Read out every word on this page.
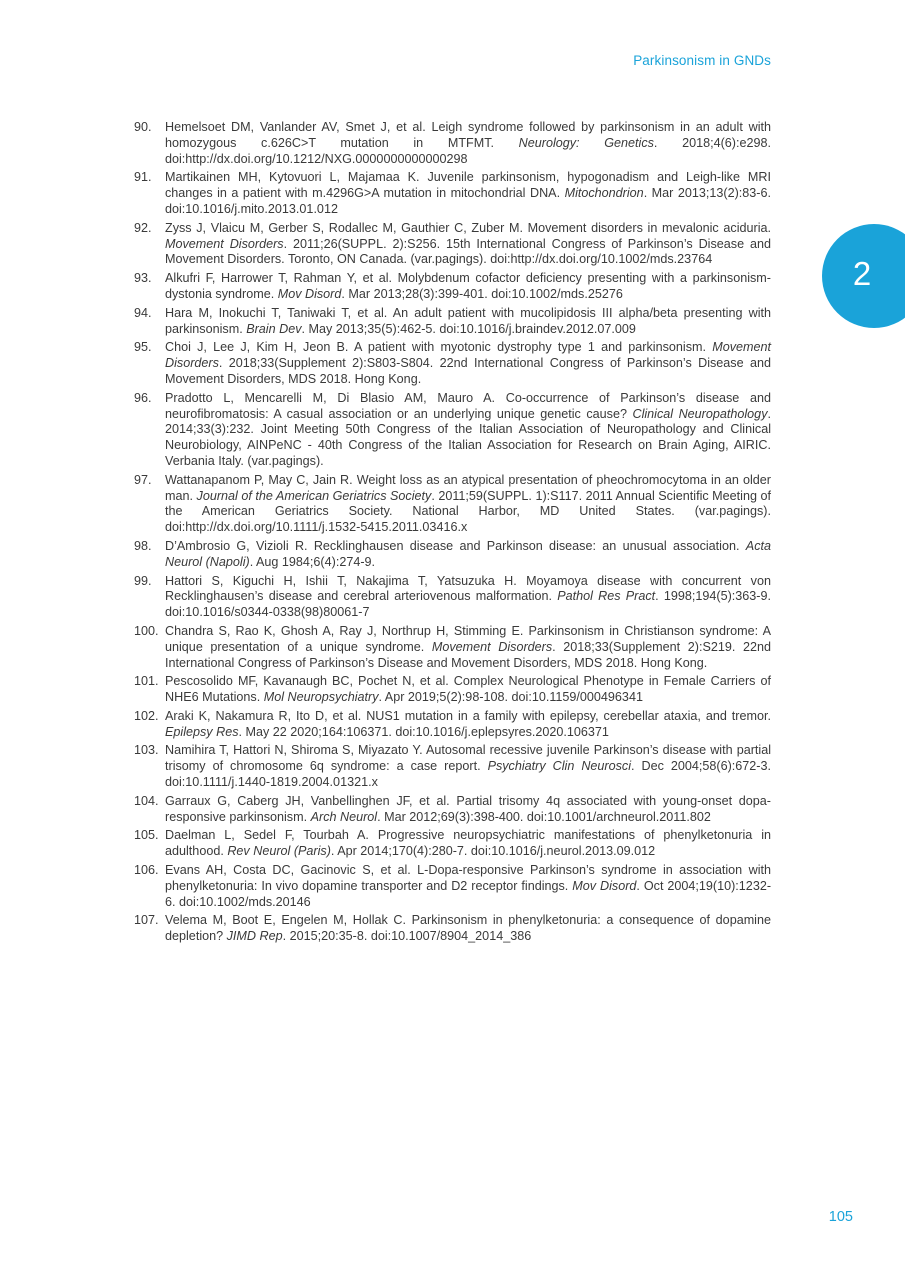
Parkinsonism in GNDs
2
90. Hemelsoet DM, Vanlander AV, Smet J, et al. Leigh syndrome followed by parkinsonism in an adult with homozygous c.626C>T mutation in MTFMT. Neurology: Genetics. 2018;4(6):e298. doi:http://dx.doi.org/10.1212/NXG.0000000000000298
91. Martikainen MH, Kytovuori L, Majamaa K. Juvenile parkinsonism, hypogonadism and Leigh-like MRI changes in a patient with m.4296G>A mutation in mitochondrial DNA. Mitochondrion. Mar 2013;13(2):83-6. doi:10.1016/j.mito.2013.01.012
92. Zyss J, Vlaicu M, Gerber S, Rodallec M, Gauthier C, Zuber M. Movement disorders in mevalonic aciduria. Movement Disorders. 2011;26(SUPPL. 2):S256. 15th International Congress of Parkinson’s Disease and Movement Disorders. Toronto, ON Canada. (var.pagings). doi:http://dx.doi.org/10.1002/mds.23764
93. Alkufri F, Harrower T, Rahman Y, et al. Molybdenum cofactor deficiency presenting with a parkinsonism-dystonia syndrome. Mov Disord. Mar 2013;28(3):399-401. doi:10.1002/mds.25276
94. Hara M, Inokuchi T, Taniwaki T, et al. An adult patient with mucolipidosis III alpha/beta presenting with parkinsonism. Brain Dev. May 2013;35(5):462-5. doi:10.1016/j.braindev.2012.07.009
95. Choi J, Lee J, Kim H, Jeon B. A patient with myotonic dystrophy type 1 and parkinsonism. Movement Disorders. 2018;33(Supplement 2):S803-S804. 22nd International Congress of Parkinson’s Disease and Movement Disorders, MDS 2018. Hong Kong.
96. Pradotto L, Mencarelli M, Di Blasio AM, Mauro A. Co-occurrence of Parkinson’s disease and neurofibromatosis: A casual association or an underlying unique genetic cause? Clinical Neuropathology. 2014;33(3):232. Joint Meeting 50th Congress of the Italian Association of Neuropathology and Clinical Neurobiology, AINPeNC - 40th Congress of the Italian Association for Research on Brain Aging, AIRIC. Verbania Italy. (var.pagings).
97. Wattanapanom P, May C, Jain R. Weight loss as an atypical presentation of pheochromocytoma in an older man. Journal of the American Geriatrics Society. 2011;59(SUPPL. 1):S117. 2011 Annual Scientific Meeting of the American Geriatrics Society. National Harbor, MD United States. (var.pagings). doi:http://dx.doi.org/10.1111/j.1532-5415.2011.03416.x
98. D’Ambrosio G, Vizioli R. Recklinghausen disease and Parkinson disease: an unusual association. Acta Neurol (Napoli). Aug 1984;6(4):274-9.
99. Hattori S, Kiguchi H, Ishii T, Nakajima T, Yatsuzuka H. Moyamoya disease with concurrent von Recklinghausen’s disease and cerebral arteriovenous malformation. Pathol Res Pract. 1998;194(5):363-9. doi:10.1016/s0344-0338(98)80061-7
100. Chandra S, Rao K, Ghosh A, Ray J, Northrup H, Stimming E. Parkinsonism in Christianson syndrome: A unique presentation of a unique syndrome. Movement Disorders. 2018;33(Supplement 2):S219. 22nd International Congress of Parkinson’s Disease and Movement Disorders, MDS 2018. Hong Kong.
101. Pescosolido MF, Kavanaugh BC, Pochet N, et al. Complex Neurological Phenotype in Female Carriers of NHE6 Mutations. Mol Neuropsychiatry. Apr 2019;5(2):98-108. doi:10.1159/000496341
102. Araki K, Nakamura R, Ito D, et al. NUS1 mutation in a family with epilepsy, cerebellar ataxia, and tremor. Epilepsy Res. May 22 2020;164:106371. doi:10.1016/j.eplepsyres.2020.106371
103. Namihira T, Hattori N, Shiroma S, Miyazato Y. Autosomal recessive juvenile Parkinson’s disease with partial trisomy of chromosome 6q syndrome: a case report. Psychiatry Clin Neurosci. Dec 2004;58(6):672-3. doi:10.1111/j.1440-1819.2004.01321.x
104. Garraux G, Caberg JH, Vanbellinghen JF, et al. Partial trisomy 4q associated with young-onset dopa-responsive parkinsonism. Arch Neurol. Mar 2012;69(3):398-400. doi:10.1001/archneurol.2011.802
105. Daelman L, Sedel F, Tourbah A. Progressive neuropsychiatric manifestations of phenylketonuria in adulthood. Rev Neurol (Paris). Apr 2014;170(4):280-7. doi:10.1016/j.neurol.2013.09.012
106. Evans AH, Costa DC, Gacinovic S, et al. L-Dopa-responsive Parkinson’s syndrome in association with phenylketonuria: In vivo dopamine transporter and D2 receptor findings. Mov Disord. Oct 2004;19(10):1232-6. doi:10.1002/mds.20146
107. Velema M, Boot E, Engelen M, Hollak C. Parkinsonism in phenylketonuria: a consequence of dopamine depletion? JIMD Rep. 2015;20:35-8. doi:10.1007/8904_2014_386
105
